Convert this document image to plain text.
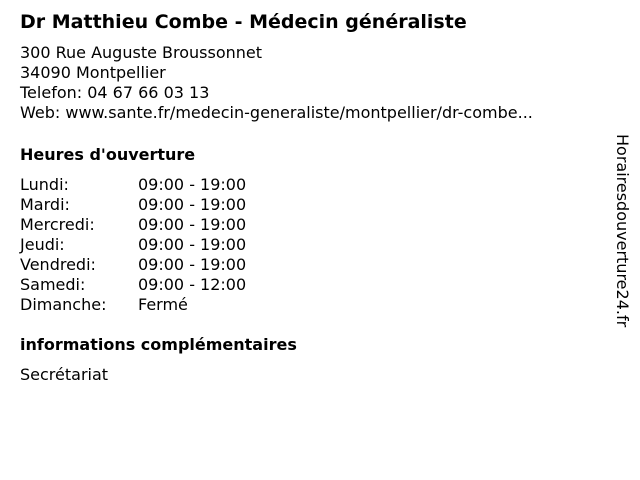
Dr Matthieu Combe - Médecin généraliste
300 Rue Auguste Broussonnet
34090 Montpellier
Telefon: 04 67 66 03 13
Web: www.sante.fr/medecin-generaliste/montpellier/dr-combe...
Heures d'ouverture
Lundi:	09:00 - 19:00
Mardi:	09:00 - 19:00
Mercredi:	09:00 - 19:00
Jeudi:	09:00 - 19:00
Vendredi:	09:00 - 19:00
Samedi:	09:00 - 12:00
Dimanche:	Fermé
informations complémentaires
Secrétariat
Horairesdouverture24.fr
